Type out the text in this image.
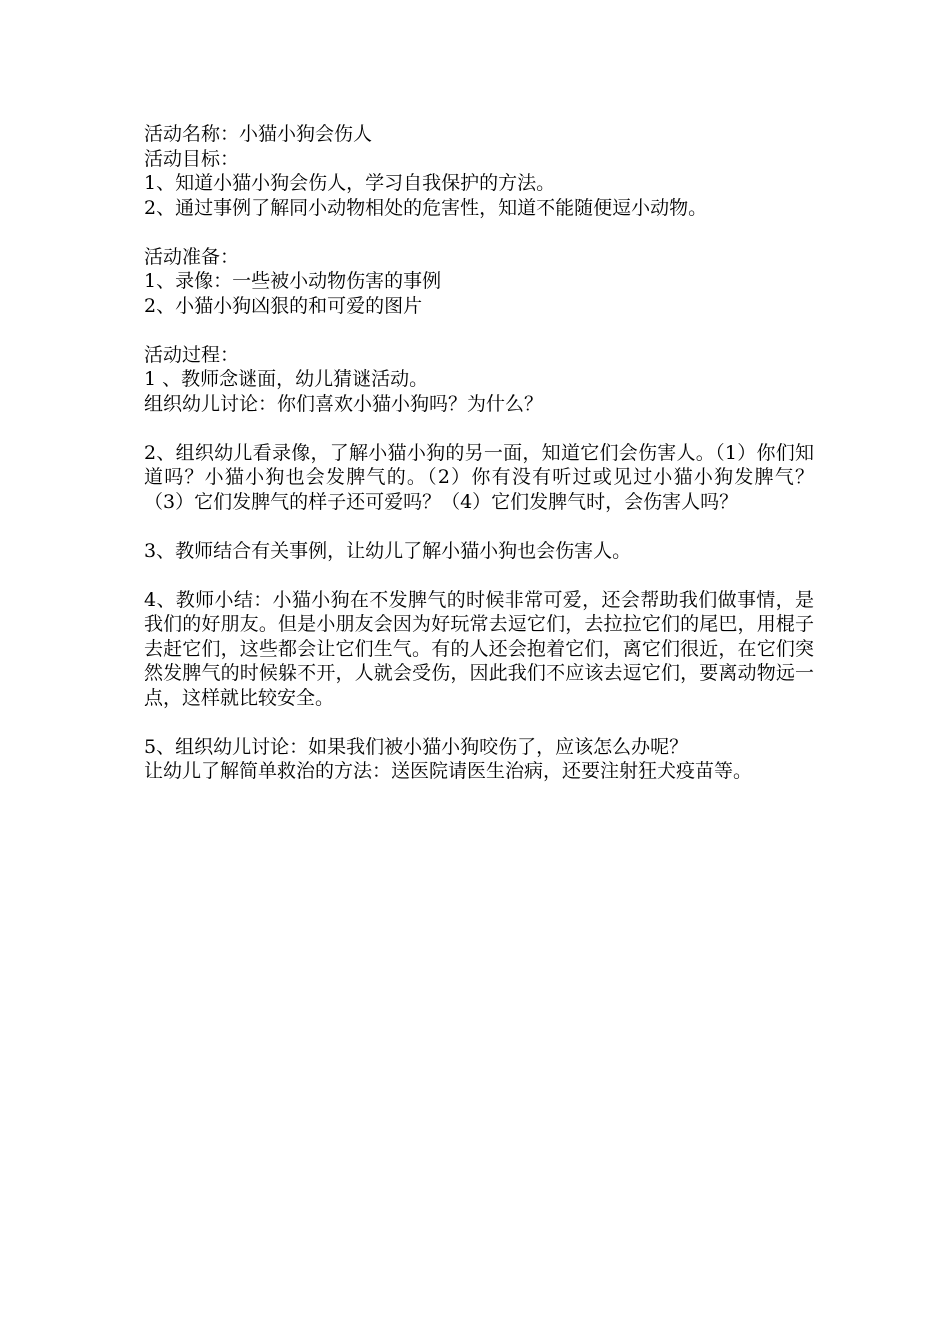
活动名称：小猫小狗会伤人
活动目标：
1、知道小猫小狗会伤人，学习自我保护的方法。
2、通过事例了解同小动物相处的危害性，知道不能随便逗小动物。
活动准备：
1、录像：一些被小动物伤害的事例
2、小猫小狗凶狠的和可爱的图片
活动过程：
1 、教师念谜面，幼儿猜谜活动。
组织幼儿讨论：你们喜欢小猫小狗吗？为什么？
2、组织幼儿看录像，了解小猫小狗的另一面，知道它们会伤害人。（1）你们知道吗？小猫小狗也会发脾气的。（2）你有没有听过或见过小猫小狗发脾气？（3）它们发脾气的样子还可爱吗？（4）它们发脾气时，会伤害人吗？
3、教师结合有关事例，让幼儿了解小猫小狗也会伤害人。
4、教师小结：小猫小狗在不发脾气的时候非常可爱，还会帮助我们做事情，是我们的好朋友。但是小朋友会因为好玩常去逗它们，去拉拉它们的尾巴，用棍子去赶它们，这些都会让它们生气。有的人还会抱着它们，离它们很近，在它们突然发脾气的时候躲不开，人就会受伤，因此我们不应该去逗它们，要离动物远一点，这样就比较安全。
5、组织幼儿讨论：如果我们被小猫小狗咬伤了，应该怎么办呢？
让幼儿了解简单救治的方法：送医院请医生治病，还要注射狂犬疫苗等。
